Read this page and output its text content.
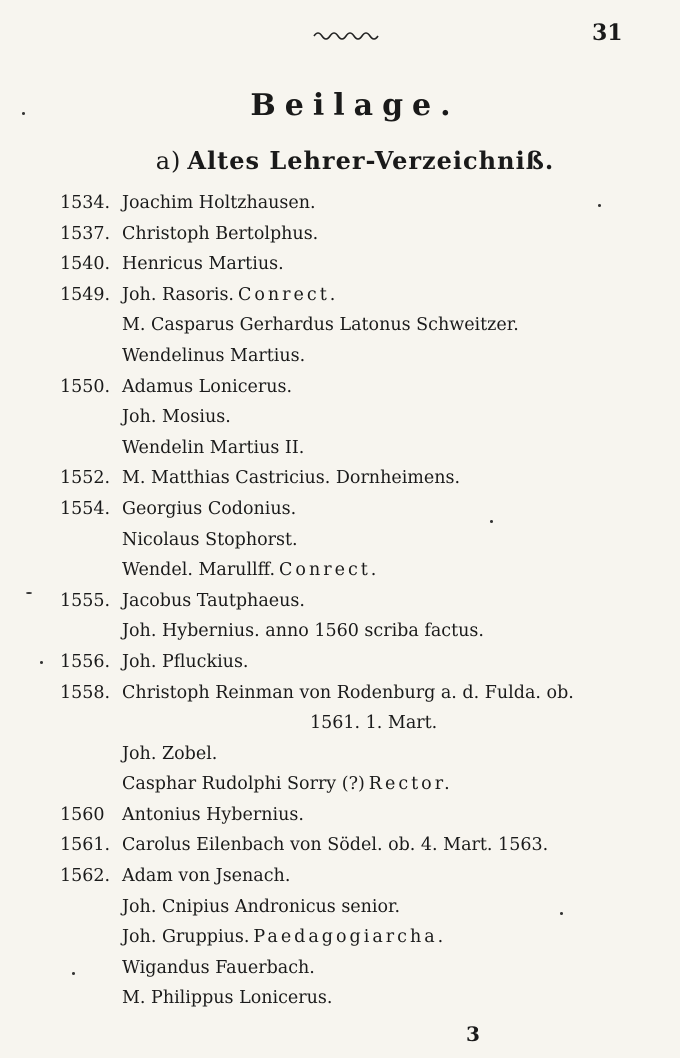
31
Beilage.
a) Altes Lehrer-Verzeichniß.
1534. Joachim Holtzhausen.
1537. Christoph Bertolphus.
1540. Henricus Martius.
1549. Joh. Rasoris. Conrect.
M. Casparus Gerhardus Latonus Schweitzer.
Wendelinus Martius.
1550. Adamus Lonicerus.
Joh. Mosius.
Wendelin Martius II.
1552. M. Matthias Castricius. Dornheimens.
1554. Georgius Codonius.
Nicolaus Stophorst.
Wendel. Marullff. Conrect.
1555. Jacobus Tautphaeus.
Joh. Hybernius. anno 1560 scriba factus.
1556. Joh. Pfluckius.
1558. Christoph Reinman von Rodenburg a. d. Fulda. ob.
1561. 1. Mart.
Joh. Zobel.
Casphar Rudolphi Sorry (?) Rector.
1560 Antonius Hybernius.
1561. Carolus Eilenbach von Södel. ob. 4. Mart. 1563.
1562. Adam von Jsenach.
Joh. Cnipius Andronicus senior.
Joh. Gruppius. Paedagogiarcha.
Wigandus Fauerbach.
M. Philippus Lonicerus.
3
